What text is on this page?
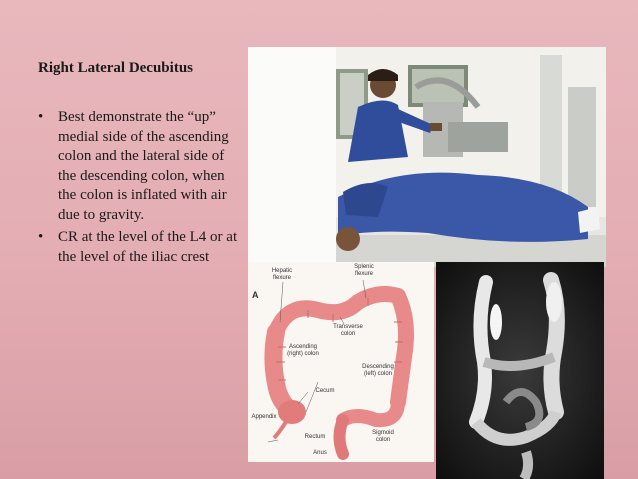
Right Lateral Decubitus
• Best demonstrate the “up” medial side of the ascending colon and the lateral side of the descending colon, when the colon is inflated with air due to gravity.
• CR at the level of the L4 or at the level of the iliac crest
A
Hepatic flexure
Splenic flexure
Transverse colon
Ascending (right) colon
Descending (left) colon
Cecum
Appendix
Rectum
Sigmoid colon
Anus
